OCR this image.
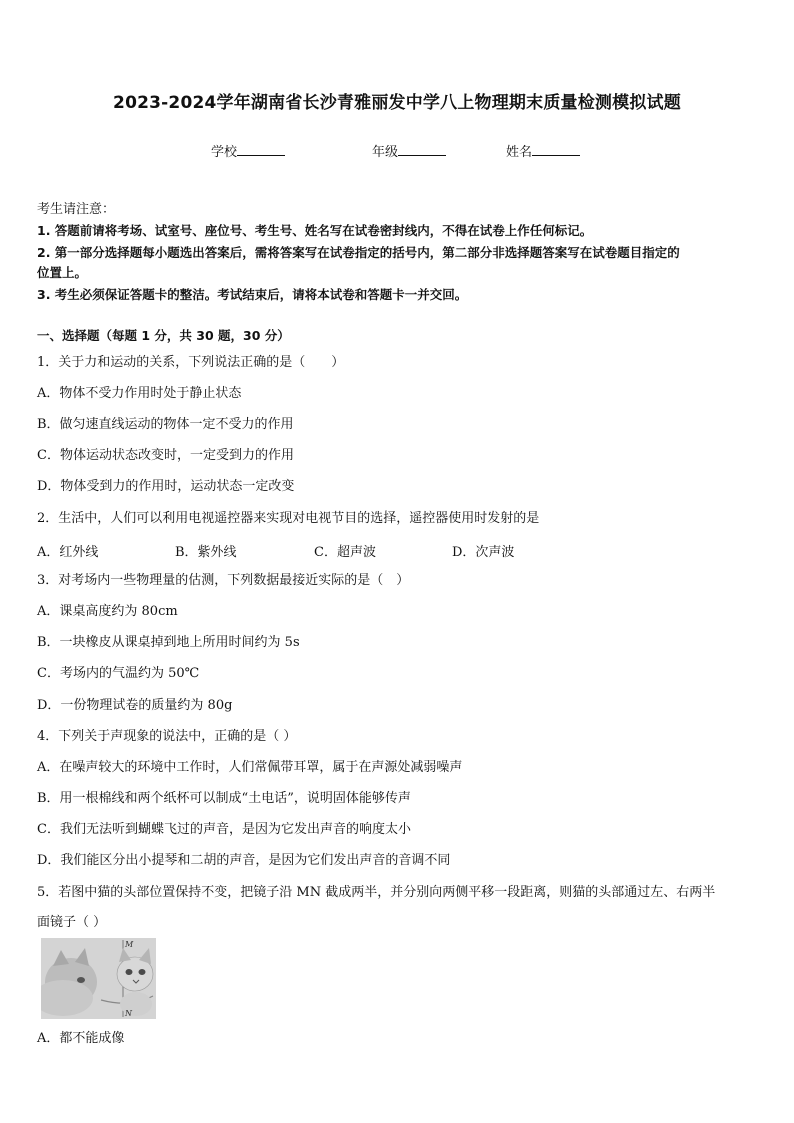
2023-2024学年湖南省长沙青雅丽发中学八上物理期末质量检测模拟试题
学校	年级	姓名
考生请注意：
1. 答题前请将考场、试室号、座位号、考生号、姓名写在试卷密封线内，不得在试卷上作任何标记。
2. 第一部分选择题每小题选出答案后，需将答案写在试卷指定的括号内，第二部分非选择题答案写在试卷题目指定的
位置上。
3. 考生必须保证答题卡的整洁。考试结束后，请将本试卷和答题卡一并交回。
一、选择题（每题 1 分，共 30 题，30 分）
1．关于力和运动的关系，下列说法正确的是（　　）
A．物体不受力作用时处于静止状态
B．做匀速直线运动的物体一定不受力的作用
C．物体运动状态改变时，一定受到力的作用
D．物体受到力的作用时，运动状态一定改变
2．生活中，人们可以利用电视遥控器来实现对电视节目的选择，遥控器使用时发射的是
A．红外线	B．紫外线	C．超声波	D．次声波
3．对考场内一些物理量的估测，下列数据最接近实际的是（　）
A．课桌高度约为 80cm
B．一块橡皮从课桌掉到地上所用时间约为 5s
C．考场内的气温约为 50℃
D．一份物理试卷的质量约为 80g
4．下列关于声现象的说法中，正确的是（ ）
A．在噪声较大的环境中工作时，人们常佩带耳罩，属于在声源处减弱噪声
B．用一根棉线和两个纸杯可以制成“土电话”，说明固体能够传声
C．我们无法听到蝴蝶飞过的声音，是因为它发出声音的响度太小
D．我们能区分出小提琴和二胡的声音，是因为它们发出声音的音调不同
5．若图中猫的头部位置保持不变，把镜子沿 MN 截成两半，并分别向两侧平移一段距离，则猫的头部通过左、右两半
面镜子（ ）
M
N
A．都不能成像
